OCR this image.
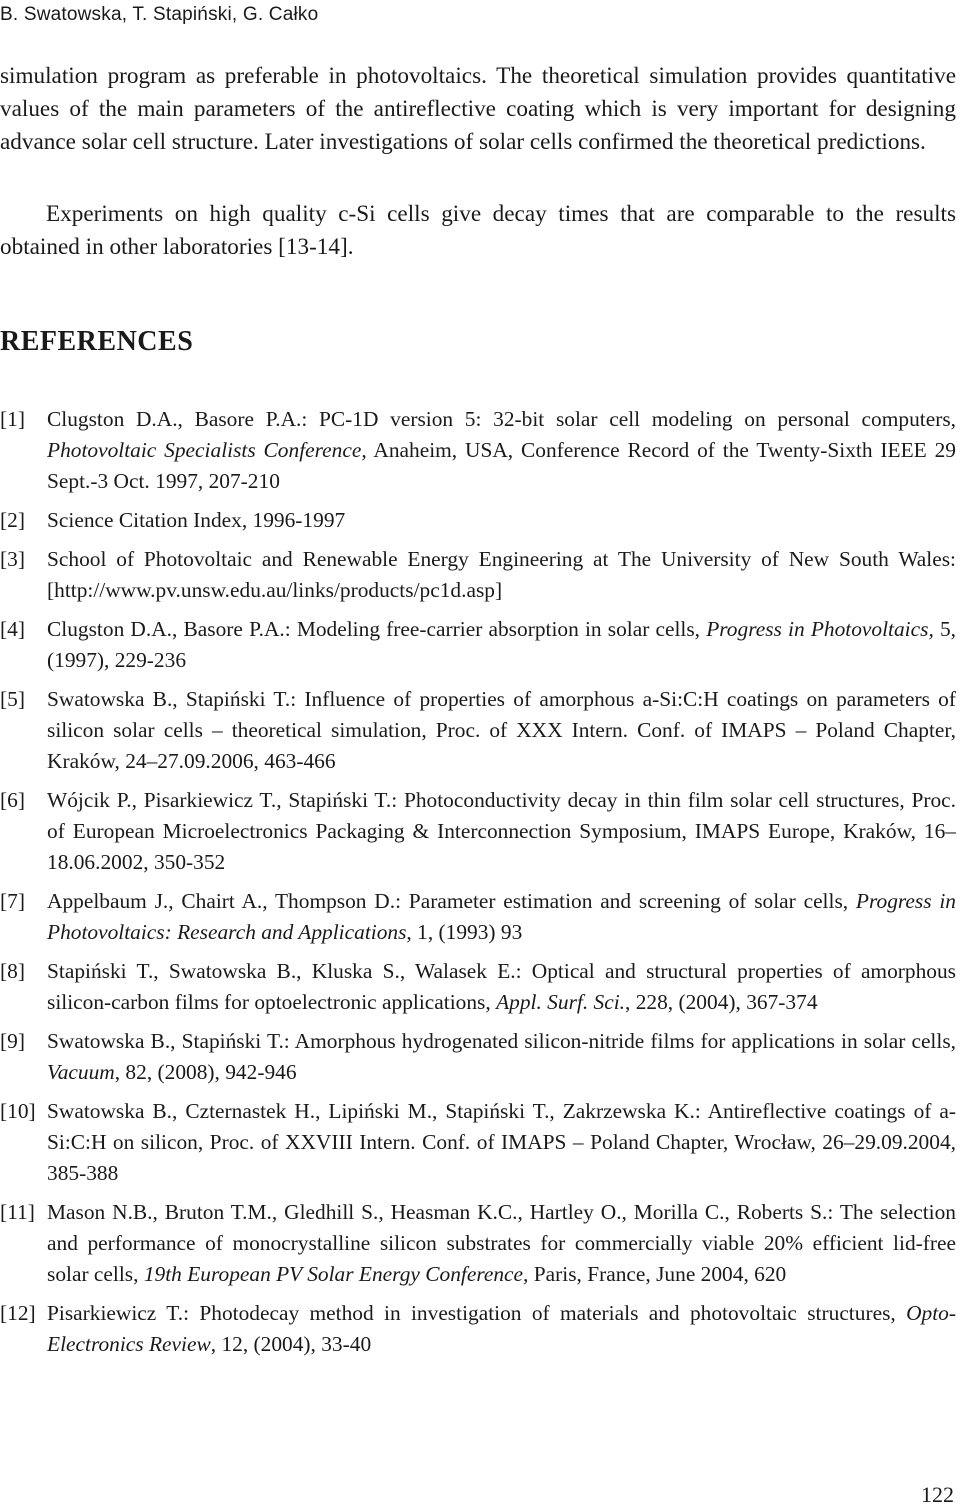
B. Swatowska, T. Stapiński, G. Całko

simulation program as preferable in photovoltaics. The theoretical simulation provides quantitative values of the main parameters of the antireflective coating which is very important for designing advance solar cell structure. Later investigations of solar cells confirmed the theoretical predictions.

Experiments on high quality c-Si cells give decay times that are comparable to the results obtained in other laboratories [13-14].

REFERENCES
[1] Clugston D.A., Basore P.A.: PC-1D version 5: 32-bit solar cell modeling on personal computers, Photovoltaic Specialists Conference, Anaheim, USA, Conference Record of the Twenty-Sixth IEEE 29 Sept.-3 Oct. 1997, 207-210
[2] Science Citation Index, 1996-1997
[3] School of Photovoltaic and Renewable Energy Engineering at The University of New South Wales: [http://www.pv.unsw.edu.au/links/products/pc1d.asp]
[4] Clugston D.A., Basore P.A.: Modeling free-carrier absorption in solar cells, Progress in Photovoltaics, 5, (1997), 229-236
[5] Swatowska B., Stapiński T.: Influence of properties of amorphous a-Si:C:H coatings on parameters of silicon solar cells – theoretical simulation, Proc. of XXX Intern. Conf. of IMAPS – Poland Chapter, Kraków, 24–27.09.2006, 463-466
[6] Wójcik P., Pisarkiewicz T., Stapiński T.: Photoconductivity decay in thin film solar cell structures, Proc. of European Microelectronics Packaging & Interconnection Symposium, IMAPS Europe, Kraków, 16–18.06.2002, 350-352
[7] Appelbaum J., Chairt A., Thompson D.: Parameter estimation and screening of solar cells, Progress in Photovoltaics: Research and Applications, 1, (1993) 93
[8] Stapiński T., Swatowska B., Kluska S., Walasek E.: Optical and structural properties of amorphous silicon-carbon films for optoelectronic applications, Appl. Surf. Sci., 228, (2004), 367-374
[9] Swatowska B., Stapiński T.: Amorphous hydrogenated silicon-nitride films for applications in solar cells, Vacuum, 82, (2008), 942-946
[10] Swatowska B., Czternastek H., Lipiński M., Stapiński T., Zakrzewska K.: Antireflective coatings of a-Si:C:H on silicon, Proc. of XXVIII Intern. Conf. of IMAPS – Poland Chapter, Wrocław, 26–29.09.2004, 385-388
[11] Mason N.B., Bruton T.M., Gledhill S., Heasman K.C., Hartley O., Morilla C., Roberts S.: The selection and performance of monocrystalline silicon substrates for commercially viable 20% efficient lid-free solar cells, 19th European PV Solar Energy Conference, Paris, France, June 2004, 620
[12] Pisarkiewicz T.: Photodecay method in investigation of materials and photovoltaic structures, Opto-Electronics Review, 12, (2004), 33-40
122
